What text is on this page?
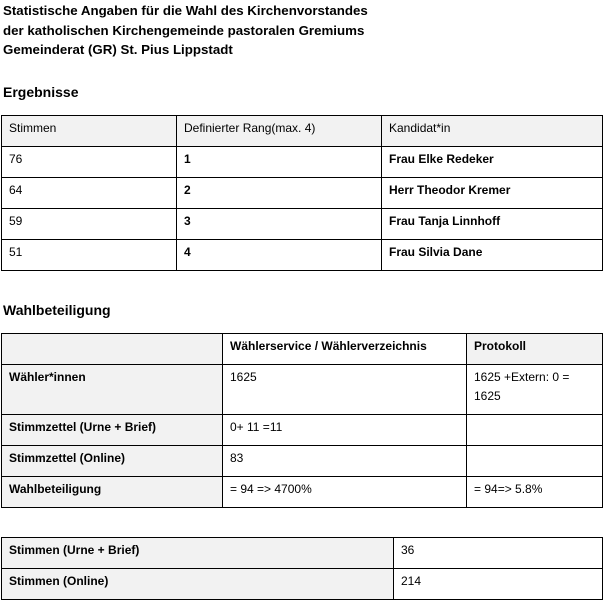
Statistische Angaben für die Wahl des Kirchenvorstandes
der katholischen Kirchengemeinde pastoralen Gremiums
Gemeinderat (GR) St. Pius Lippstadt
Ergebnisse
Stimmen	Definierter Rang(max. 4)	Kandidat*in
76	1	Frau Elke Redeker
64	2	Herr Theodor Kremer
59	3	Frau Tanja Linnhoff
51	4	Frau Silvia Dane
Wahlbeteiligung
	Wählerservice / Wählerverzeichnis	Protokoll
Wähler*innen	1625	1625 +Extern: 0 = 1625
Stimmzettel (Urne + Brief)	0+ 11 =11	
Stimmzettel (Online)	83	
Wahlbeteiligung	= 94 => 4700%	= 94=> 5.8%
Stimmen (Urne + Brief)	36
Stimmen (Online)	214
